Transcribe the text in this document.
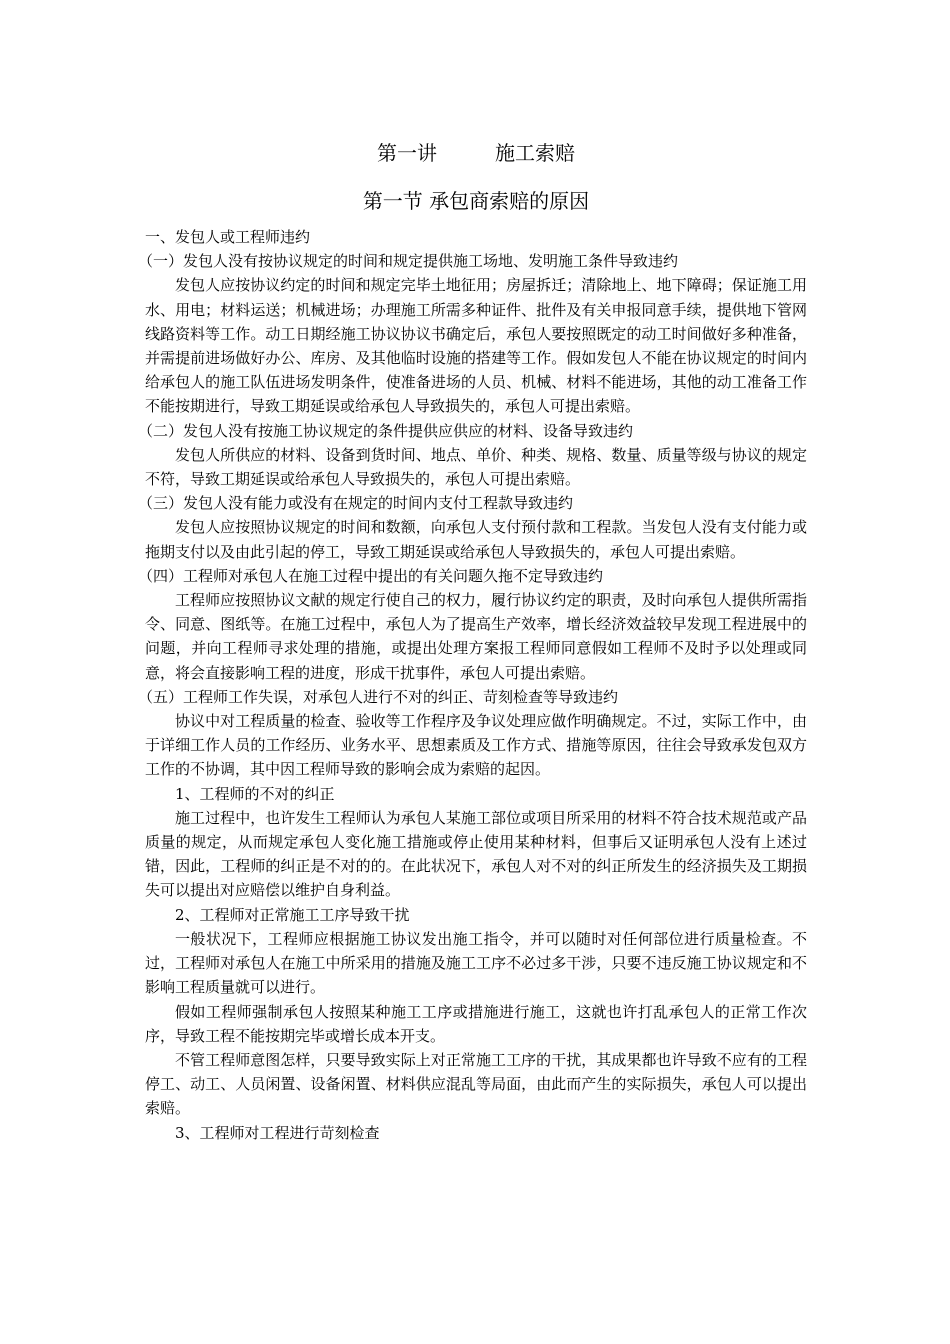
第一讲	施工索赔
第一节 承包商索赔的原因

一、发包人或工程师违约

（一）发包人没有按协议规定的时间和规定提供施工场地、发明施工条件导致违约

发包人应按协议约定的时间和规定完毕土地征用；房屋拆迁；清除地上、地下障碍；保证施工用水、用电；材料运送；机械进场；办理施工所需多种证件、批件及有关申报同意手续，提供地下管网线路资料等工作。动工日期经施工协议协议书确定后，承包人要按照既定的动工时间做好多种准备，并需提前进场做好办公、库房、及其他临时设施的搭建等工作。假如发包人不能在协议规定的时间内给承包人的施工队伍进场发明条件，使准备进场的人员、机械、材料不能进场，其他的动工准备工作不能按期进行，导致工期延误或给承包人导致损失的，承包人可提出索赔。

（二）发包人没有按施工协议规定的条件提供应供应的材料、设备导致违约

发包人所供应的材料、设备到货时间、地点、单价、种类、规格、数量、质量等级与协议的规定不符，导致工期延误或给承包人导致损失的，承包人可提出索赔。

（三）发包人没有能力或没有在规定的时间内支付工程款导致违约

发包人应按照协议规定的时间和数额，向承包人支付预付款和工程款。当发包人没有支付能力或拖期支付以及由此引起的停工，导致工期延误或给承包人导致损失的，承包人可提出索赔。

（四）工程师对承包人在施工过程中提出的有关问题久拖不定导致违约

工程师应按照协议文献的规定行使自己的权力，履行协议约定的职责，及时向承包人提供所需指令、同意、图纸等。在施工过程中，承包人为了提高生产效率，增长经济效益较早发现工程进展中的问题，并向工程师寻求处理的措施，或提出处理方案报工程师同意假如工程师不及时予以处理或同意，将会直接影响工程的进度，形成干扰事件，承包人可提出索赔。

（五）工程师工作失误，对承包人进行不对的纠正、苛刻检查等导致违约

协议中对工程质量的检查、验收等工作程序及争议处理应做作明确规定。不过，实际工作中，由于详细工作人员的工作经历、业务水平、思想素质及工作方式、措施等原因，往往会导致承发包双方工作的不协调，其中因工程师导致的影响会成为索赔的起因。

1、工程师的不对的纠正

施工过程中，也许发生工程师认为承包人某施工部位或项目所采用的材料不符合技术规范或产品质量的规定，从而规定承包人变化施工措施或停止使用某种材料，但事后又证明承包人没有上述过错，因此，工程师的纠正是不对的的。在此状况下，承包人对不对的纠正所发生的经济损失及工期损失可以提出对应赔偿以维护自身利益。

2、工程师对正常施工工序导致干扰

一般状况下，工程师应根据施工协议发出施工指令，并可以随时对任何部位进行质量检查。不过，工程师对承包人在施工中所采用的措施及施工工序不必过多干涉，只要不违反施工协议规定和不影响工程质量就可以进行。

假如工程师强制承包人按照某种施工工序或措施进行施工，这就也许打乱承包人的正常工作次序，导致工程不能按期完毕或增长成本开支。

不管工程师意图怎样，只要导致实际上对正常施工工序的干扰，其成果都也许导致不应有的工程停工、动工、人员闲置、设备闲置、材料供应混乱等局面，由此而产生的实际损失，承包人可以提出索赔。

3、工程师对工程进行苛刻检查
